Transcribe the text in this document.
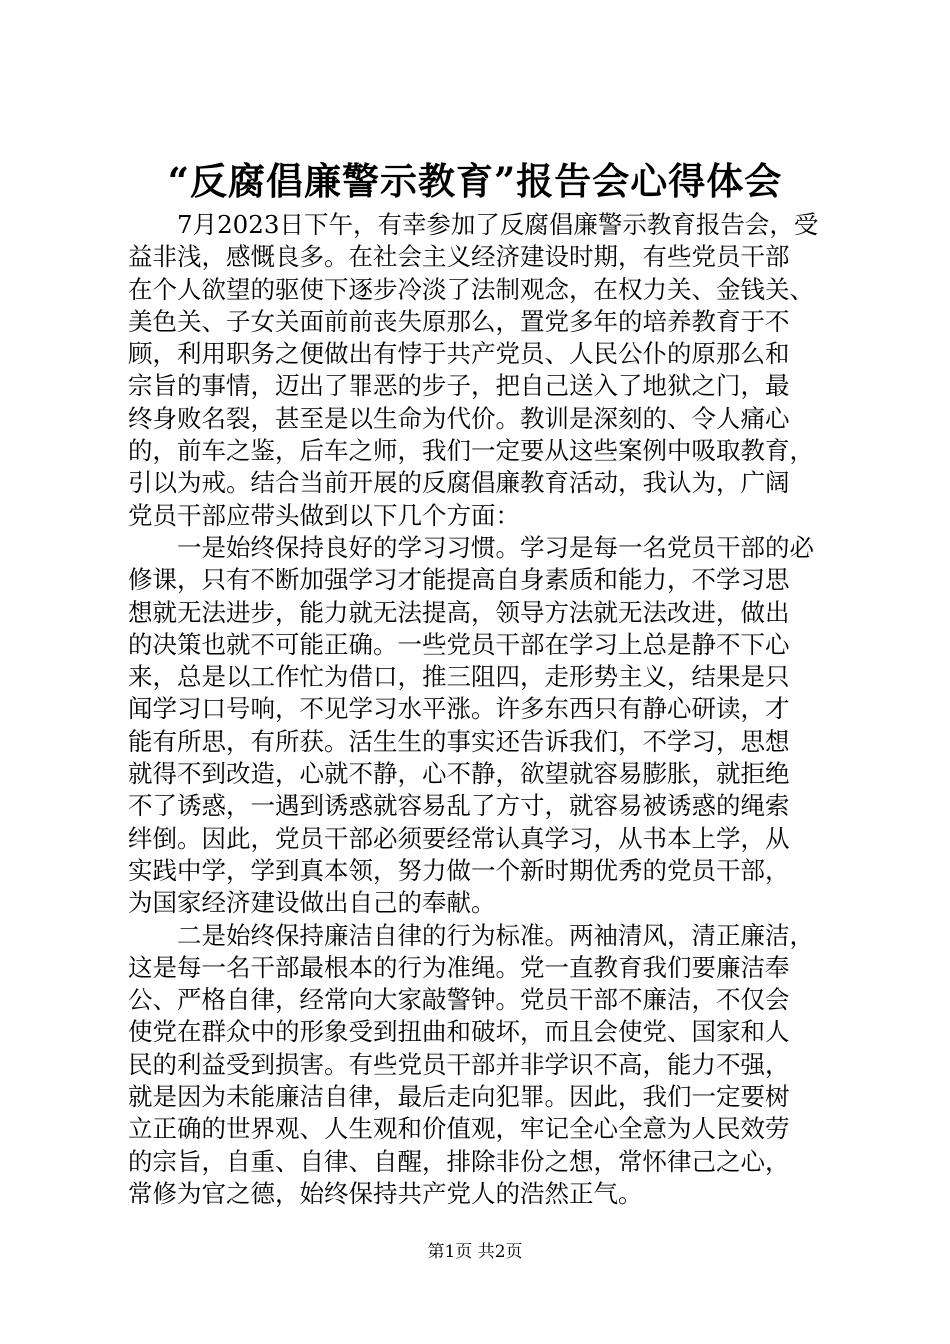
“反腐倡廉警示教育”报告会心得体会
7月2023日下午，有幸参加了反腐倡廉警示教育报告会，受
益非浅，感慨良多。在社会主义经济建设时期，有些党员干部
在个人欲望的驱使下逐步冷淡了法制观念，在权力关、金钱关、
美色关、子女关面前前丧失原那么，置党多年的培养教育于不
顾，利用职务之便做出有悖于共产党员、人民公仆的原那么和
宗旨的事情，迈出了罪恶的步子，把自己送入了地狱之门，最
终身败名裂，甚至是以生命为代价。教训是深刻的、令人痛心
的，前车之鉴，后车之师，我们一定要从这些案例中吸取教育，
引以为戒。结合当前开展的反腐倡廉教育活动，我认为，广阔
党员干部应带头做到以下几个方面：
一是始终保持良好的学习习惯。学习是每一名党员干部的必
修课，只有不断加强学习才能提高自身素质和能力，不学习思
想就无法进步，能力就无法提高，领导方法就无法改进，做出
的决策也就不可能正确。一些党员干部在学习上总是静不下心
来，总是以工作忙为借口，推三阻四，走形势主义，结果是只
闻学习口号响，不见学习水平涨。许多东西只有静心研读，才
能有所思，有所获。活生生的事实还告诉我们，不学习，思想
就得不到改造，心就不静，心不静，欲望就容易膨胀，就拒绝
不了诱惑，一遇到诱惑就容易乱了方寸，就容易被诱惑的绳索
绊倒。因此，党员干部必须要经常认真学习，从书本上学，从
实践中学，学到真本领，努力做一个新时期优秀的党员干部，
为国家经济建设做出自己的奉献。
二是始终保持廉洁自律的行为标准。两袖清风，清正廉洁，
这是每一名干部最根本的行为准绳。党一直教育我们要廉洁奉
公、严格自律，经常向大家敲警钟。党员干部不廉洁，不仅会
使党在群众中的形象受到扭曲和破坏，而且会使党、国家和人
民的利益受到损害。有些党员干部并非学识不高，能力不强，
就是因为未能廉洁自律，最后走向犯罪。因此，我们一定要树
立正确的世界观、人生观和价值观，牢记全心全意为人民效劳
的宗旨，自重、自律、自醒，排除非份之想，常怀律己之心，
常修为官之德，始终保持共产党人的浩然正气。
第1页 共2页
